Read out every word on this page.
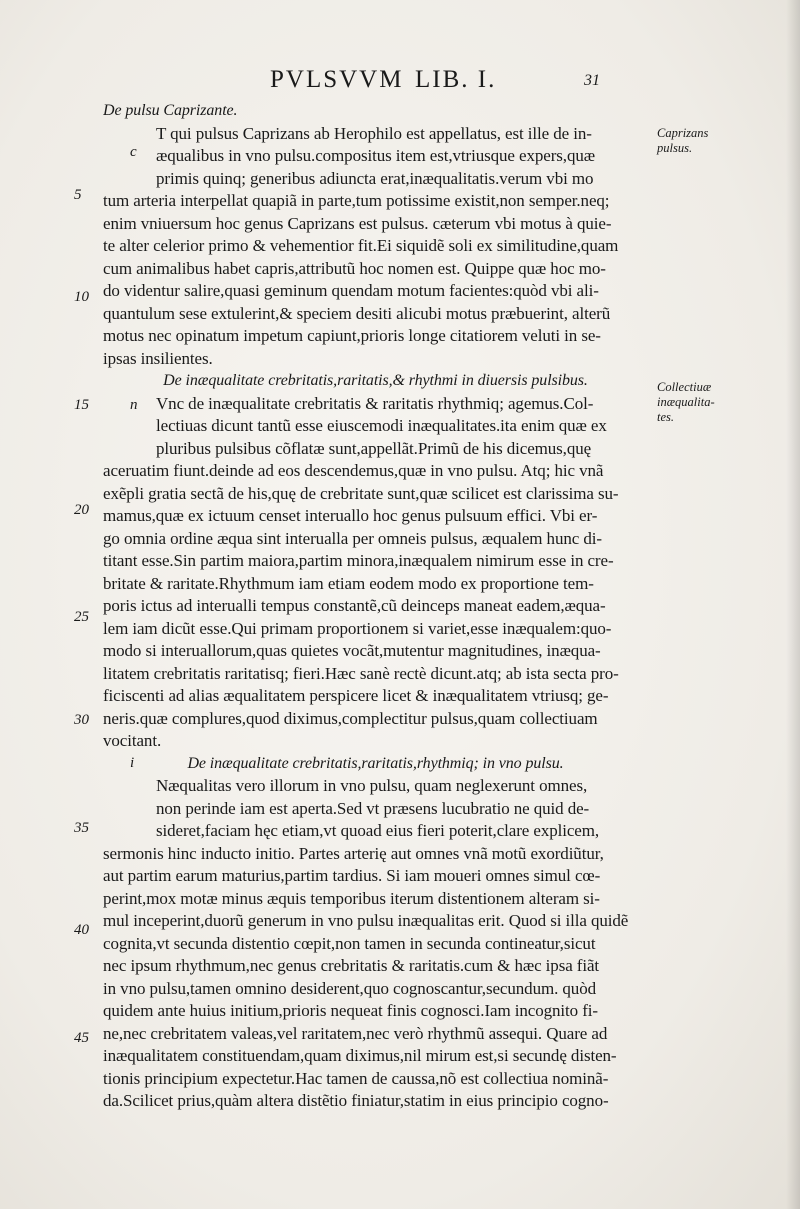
PVLSVVM LIB. I.	31
5
10
15
20
25
30
35
40
45
c
n
i
Caprizans
pulsus.
Collectiuæ
inæqualita-
tes.
De pulsu Caprizante.
T qui pulsus Caprizans ab Herophilo est appellatus, est ille de in-
æqualibus in vno pulsu.compositus item est,vtriusque expers,quæ
primis quinq; generibus adiuncta erat,inæqualitatis.verum vbi mo
tum arteria interpellat quapiã in parte,tum potissime existit,non semper.neq;
enim vniuersum hoc genus Caprizans est pulsus. cæterum vbi motus à quie-
te alter celerior primo & vehementior fit.Ei siquidẽ soli ex similitudine,quam
cum animalibus habet capris,attributũ hoc nomen est. Quippe quæ hoc mo-
do videntur salire,quasi geminum quendam motum facientes:quòd vbi ali-
quantulum sese extulerint,& speciem desiti alicubi motus præbuerint, alterũ
motus nec opinatum impetum capiunt,prioris longe citatiorem veluti in se-
ipsas insilientes.
De inæqualitate crebritatis,raritatis,& rhythmi in diuersis pulsibus.
Vnc de inæqualitate crebritatis & raritatis rhythmiq; agemus.Col-
lectiuas dicunt tantũ esse eiuscemodi inæqualitates.ita enim quæ ex
pluribus pulsibus cõflatæ sunt,appellãt.Primũ de his dicemus,quę
aceruatim fiunt.deinde ad eos descendemus,quæ in vno pulsu. Atq; hic vnã
exẽpli gratia sectã de his,quę de crebritate sunt,quæ scilicet est clarissima su-
mamus,quæ ex ictuum censet interuallo hoc genus pulsuum effici. Vbi er-
go omnia ordine æqua sint interualla per omneis pulsus, æqualem hunc di-
titant esse.Sin partim maiora,partim minora,inæqualem nimirum esse in cre-
britate & raritate.Rhythmum iam etiam eodem modo ex proportione tem-
poris ictus ad interualli tempus constantẽ,cũ deinceps maneat eadem,æqua-
lem iam dicũt esse.Qui primam proportionem si variet,esse inæqualem:quo-
modo si interuallorum,quas quietes vocãt,mutentur magnitudines, inæqua-
litatem crebritatis raritatisq; fieri.Hæc sanè rectè dicunt.atq; ab ista secta pro-
ficiscenti ad alias æqualitatem perspicere licet & inæqualitatem vtriusq; ge-
neris.quæ complures,quod diximus,complectitur pulsus,quam collectiuam
vocitant.
De inæqualitate crebritatis,raritatis,rhythmiq; in vno pulsu.
Næqualitas vero illorum in vno pulsu, quam neglexerunt omnes,
non perinde iam est aperta.Sed vt præsens lucubratio ne quid de-
sideret,faciam hęc etiam,vt quoad eius fieri poterit,clare explicem,
sermonis hinc inducto initio. Partes arterię aut omnes vnã motũ exordiũtur,
aut partim earum maturius,partim tardius. Si iam moueri omnes simul cœ-
perint,mox motæ minus æquis temporibus iterum distentionem alteram si-
mul inceperint,duorũ generum in vno pulsu inæqualitas erit. Quod si illa quidẽ
cognita,vt secunda distentio cœpit,non tamen in secunda contineatur,sicut
nec ipsum rhythmum,nec genus crebritatis & raritatis.cum & hæc ipsa fiãt
in vno pulsu,tamen omnino desiderent,quo cognoscantur,secundum. quòd
quidem ante huius initium,prioris nequeat finis cognosci.Iam incognito fi-
ne,nec crebritatem valeas,vel raritatem,nec verò rhythmũ assequi. Quare ad
inæqualitatem constituendam,quam diximus,nil mirum est,si secundę disten-
tionis principium expectetur.Hac tamen de caussa,nõ est collectiua nominã-
da.Scilicet prius,quàm altera distẽtio finiatur,statim in eius principio cogno-
